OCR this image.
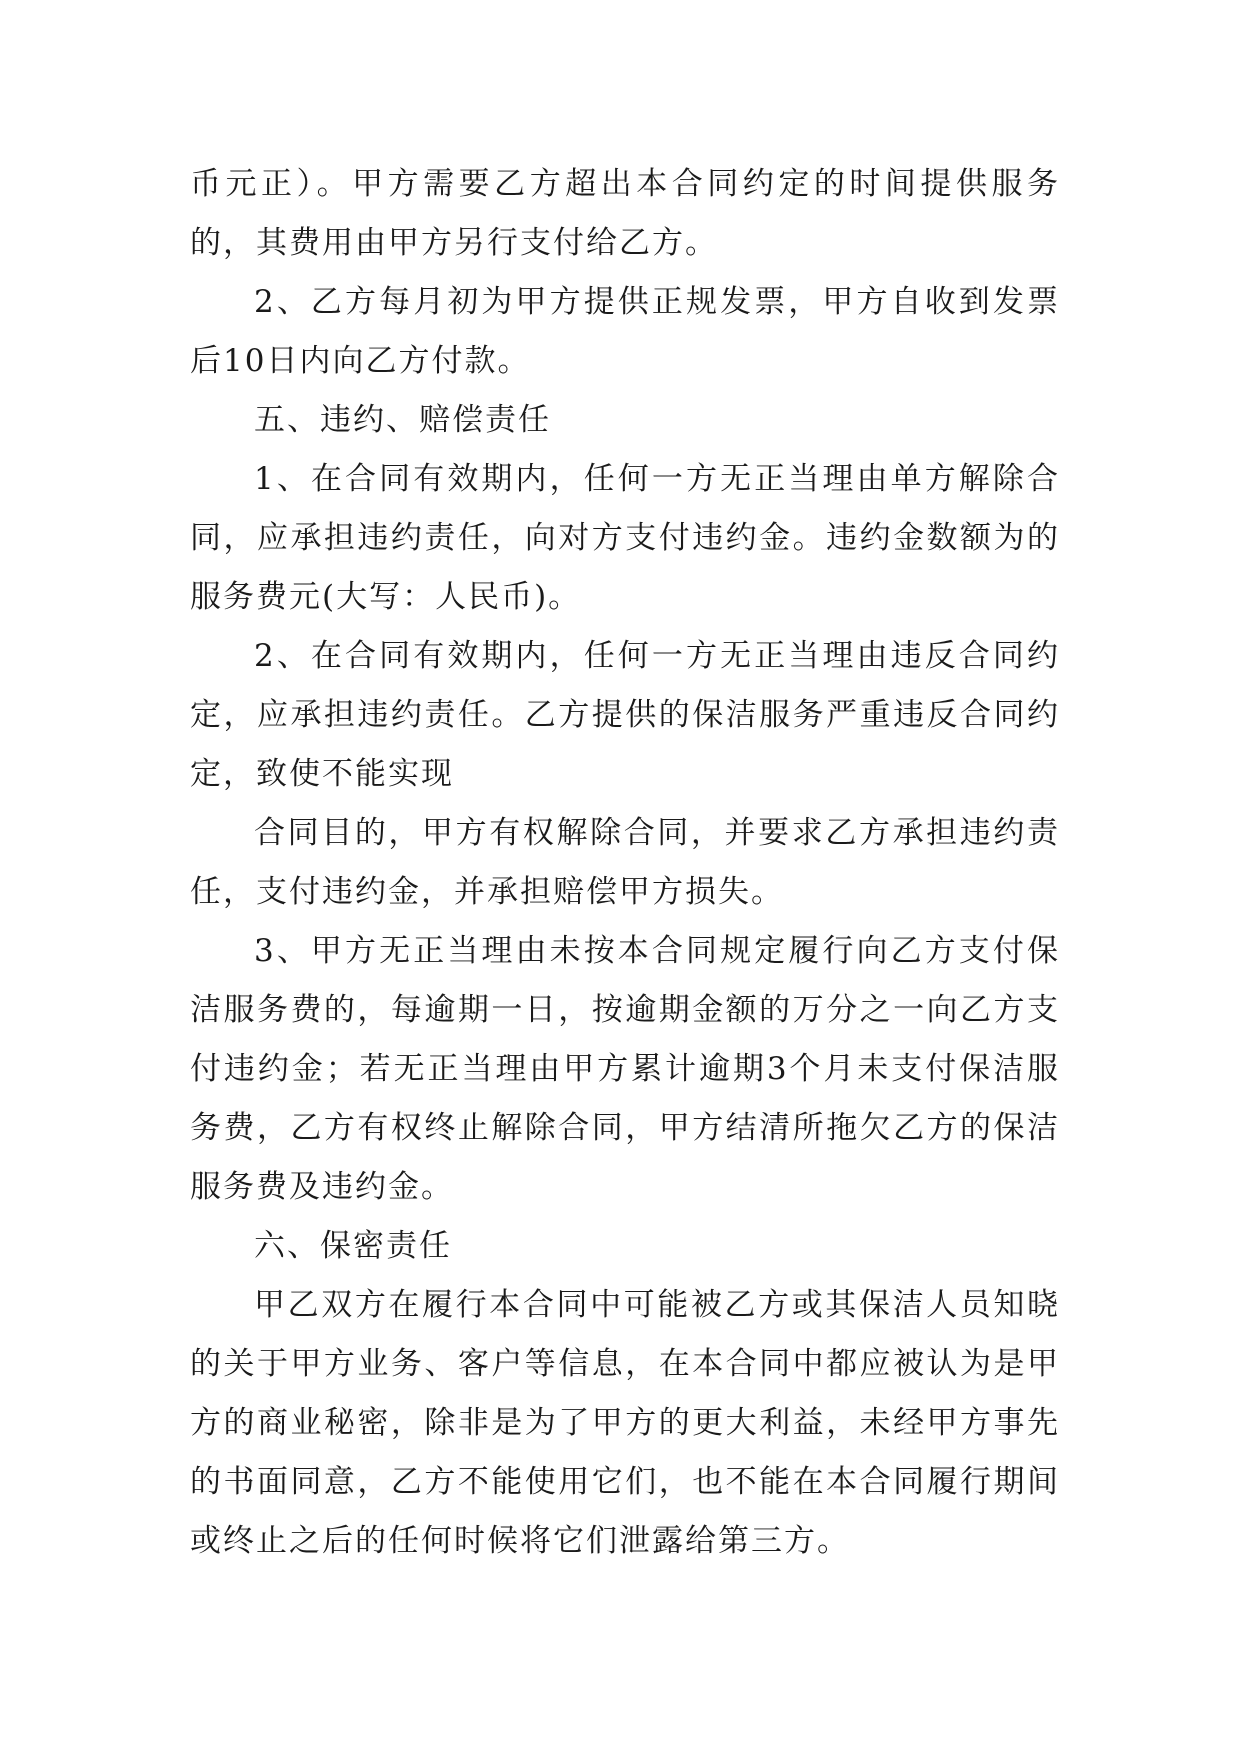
币元正）。甲方需要乙方超出本合同约定的时间提供服务的，其费用由甲方另行支付给乙方。

2、乙方每月初为甲方提供正规发票，甲方自收到发票后10日内向乙方付款。

五、违约、赔偿责任

1、在合同有效期内，任何一方无正当理由单方解除合同，应承担违约责任，向对方支付违约金。违约金数额为的服务费元(大写：人民币)。

2、在合同有效期内，任何一方无正当理由违反合同约定，应承担违约责任。乙方提供的保洁服务严重违反合同约定，致使不能实现

合同目的，甲方有权解除合同，并要求乙方承担违约责任，支付违约金，并承担赔偿甲方损失。

3、甲方无正当理由未按本合同规定履行向乙方支付保洁服务费的，每逾期一日，按逾期金额的万分之一向乙方支付违约金；若无正当理由甲方累计逾期3个月未支付保洁服务费，乙方有权终止解除合同，甲方结清所拖欠乙方的保洁服务费及违约金。

六、保密责任

甲乙双方在履行本合同中可能被乙方或其保洁人员知晓的关于甲方业务、客户等信息，在本合同中都应被认为是甲方的商业秘密，除非是为了甲方的更大利益，未经甲方事先的书面同意，乙方不能使用它们，也不能在本合同履行期间或终止之后的任何时候将它们泄露给第三方。
